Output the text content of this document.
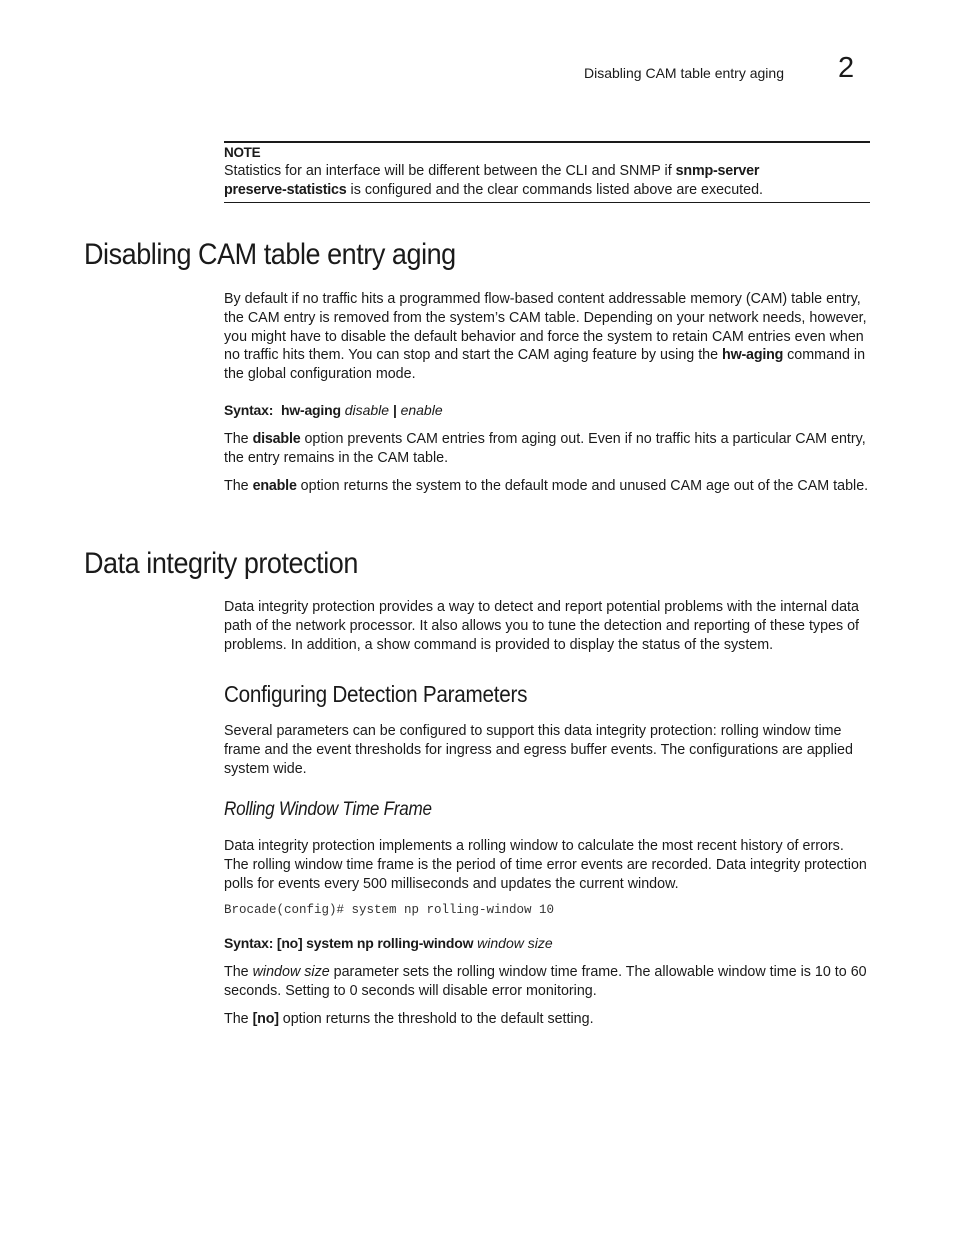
Disabling CAM table entry aging 2
NOTE
Statistics for an interface will be different between the CLI and SNMP if snmp-server
preserve-statistics is configured and the clear commands listed above are executed.
Disabling CAM table entry aging
By default if no traffic hits a programmed flow-based content addressable memory (CAM) table entry, the CAM entry is removed from the system’s CAM table. Depending on your network needs, however, you might have to disable the default behavior and force the system to retain CAM entries even when no traffic hits them. You can stop and start the CAM aging feature by using the hw-aging command in the global configuration mode.
Syntax: hw-aging disable | enable
The disable option prevents CAM entries from aging out. Even if no traffic hits a particular CAM entry, the entry remains in the CAM table.
The enable option returns the system to the default mode and unused CAM age out of the CAM table.
Data integrity protection
Data integrity protection provides a way to detect and report potential problems with the internal data path of the network processor. It also allows you to tune the detection and reporting of these types of problems. In addition, a show command is provided to display the status of the system.
Configuring Detection Parameters
Several parameters can be configured to support this data integrity protection: rolling window time frame and the event thresholds for ingress and egress buffer events. The configurations are applied system wide.
Rolling Window Time Frame
Data integrity protection implements a rolling window to calculate the most recent history of errors. The rolling window time frame is the period of time error events are recorded. Data integrity protection polls for events every 500 milliseconds and updates the current window.
Brocade(config)# system np rolling-window 10
Syntax: [no] system np rolling-window window size
The window size parameter sets the rolling window time frame. The allowable window time is 10 to 60 seconds. Setting to 0 seconds will disable error monitoring.
The [no] option returns the threshold to the default setting.
